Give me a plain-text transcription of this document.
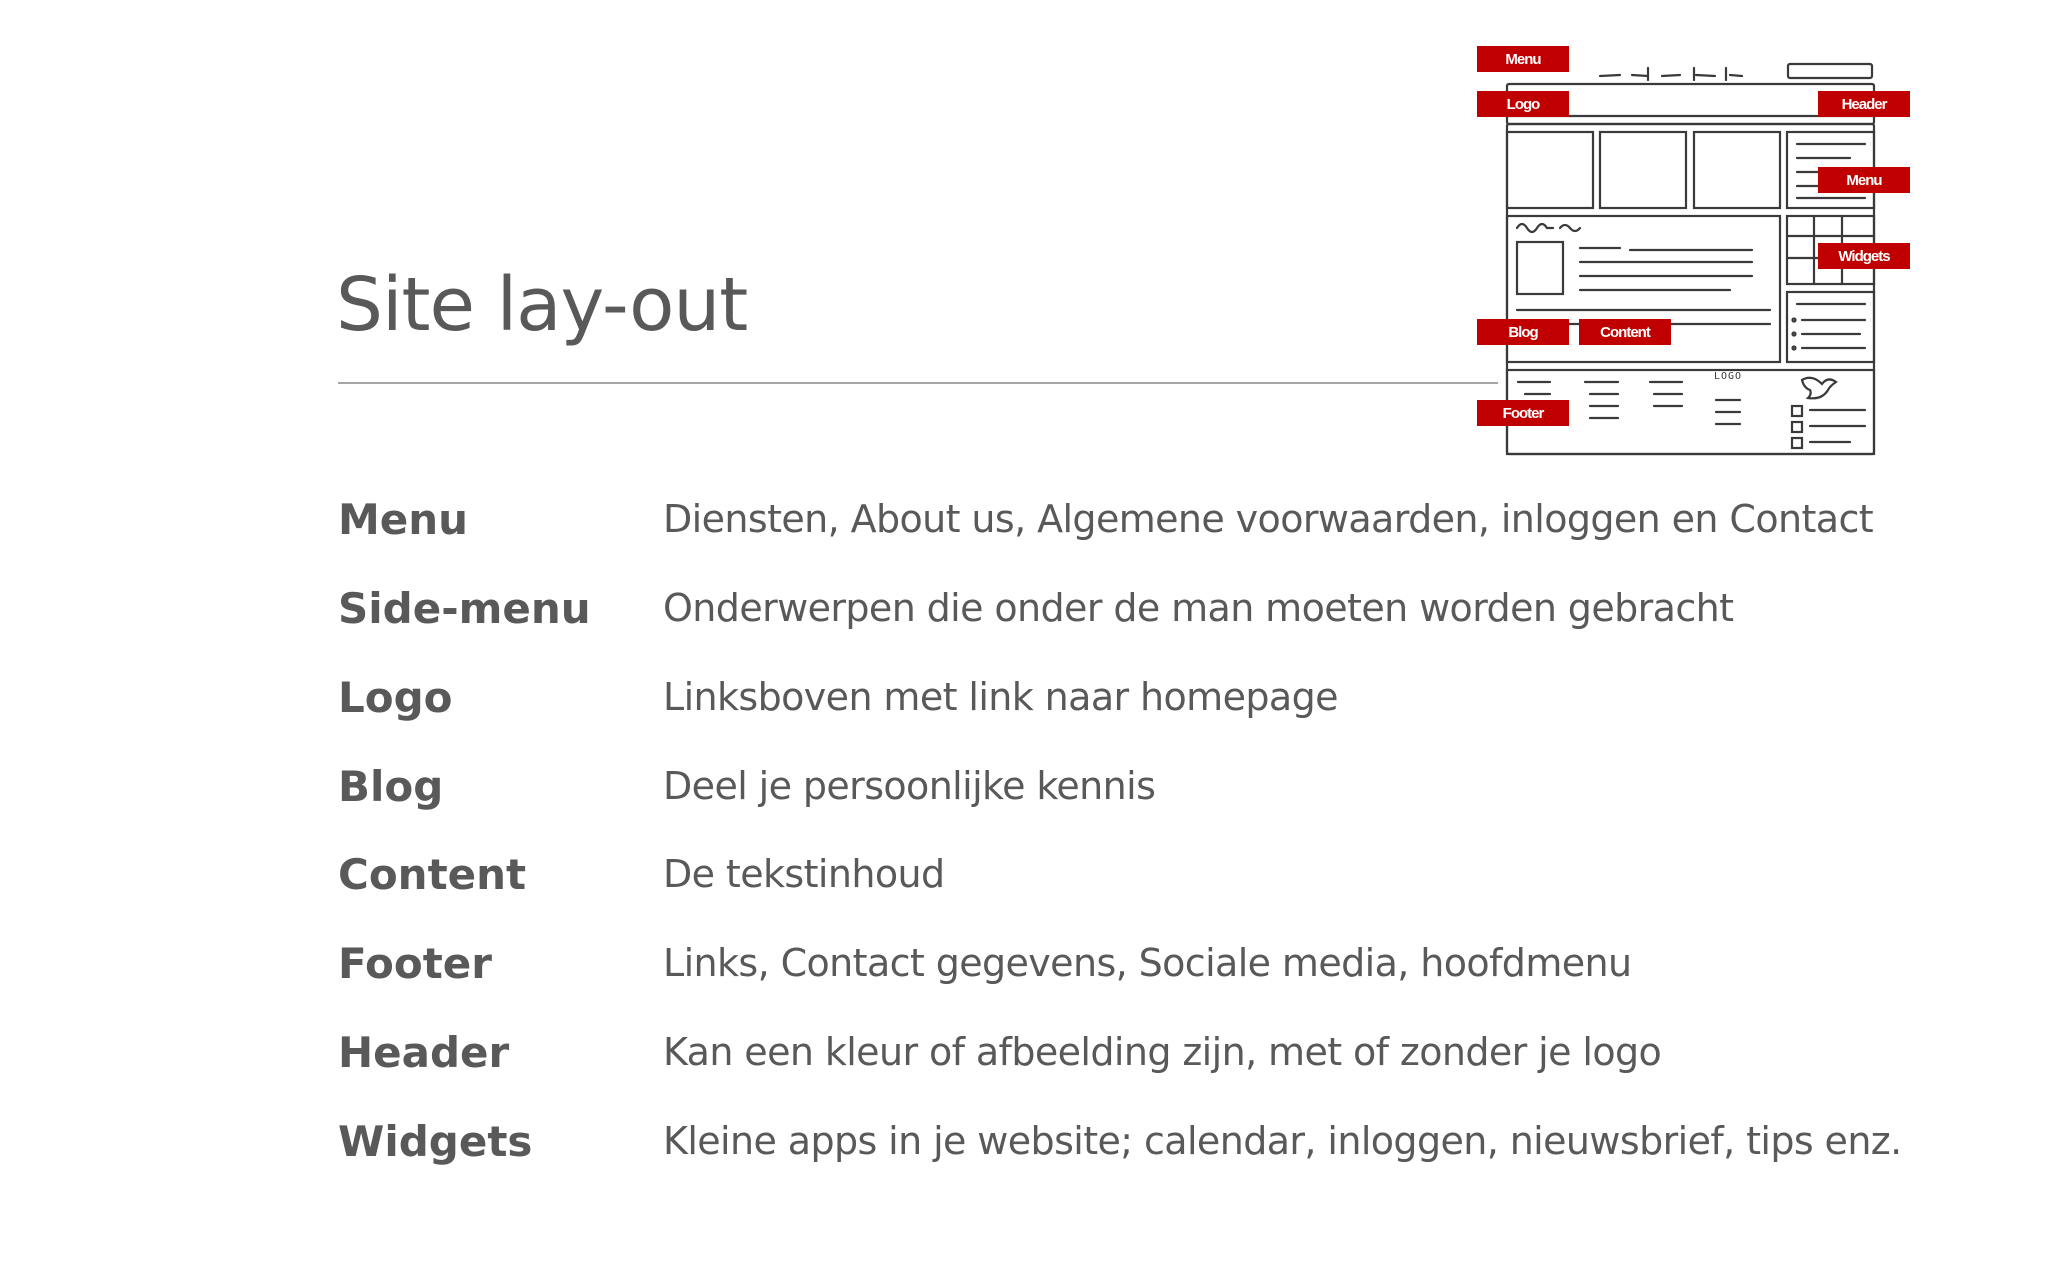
Site lay-out
Menu	Diensten, About us, Algemene voorwaarden, inloggen en Contact
Side-menu	Onderwerpen die onder de man moeten worden gebracht
Logo	Linksboven met link naar homepage
Blog	Deel je persoonlijke kennis
Content	De tekstinhoud
Footer	Links, Contact gegevens, Sociale media, hoofdmenu
Header	Kan een kleur of afbeelding zijn, met of zonder je logo
Widgets	Kleine apps in je website; calendar, inloggen, nieuwsbrief, tips enz.
LOGO
Menu
Logo	Header
Menu
Widgets
Blog	Content
Footer
